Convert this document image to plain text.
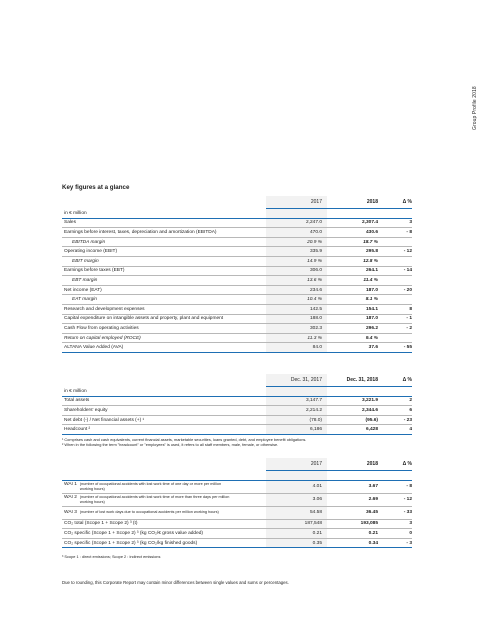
Group Profile 2018
Key figures at a glance
	2017	2018	Δ %
in € million			
Sales	2,247.0	2,307.4	3
Earnings before interest, taxes, depreciation and amortization (EBITDA)	470.0	430.6	- 8
EBITDA margin	20.9 %	18.7 %	
Operating income (EBIT)	335.9	295.8	- 12
EBIT margin	14.9 %	12.8 %	
Earnings before taxes (EBT)	306.0	264.1	- 14
EBT margin	13.6 %	11.4 %	
Net income (EAT)	234.6	187.0	- 20
EAT margin	10.4 %	8.1 %	
Research and development expenses	142.5	154.1	8
Capital expenditure on intangible assets and property, plant and equipment	188.0	187.0	- 1
Cash Flow from operating activities	302.3	296.2	- 2
Return on capital employed (ROCE)	11.3 %	9.4 %	
ALTANA Value Added (AVA)	84.0	37.6	- 55
	Dec. 31, 2017	Dec. 31, 2018	Δ %
in € million			
Total assets	3,147.7	3,221.9	2
Shareholders' equity	2,214.2	2,344.6	6
Net debt (-) / Net financial assets (+) ¹	(78.0)	(95.6)	- 23
Headcount ²	6,186	6,428	4
¹ Comprises cash and cash equivalents, current financial assets, marketable securities, loans granted, debt, and employee benefit obligations.
² When in the following the term "headcount" or "employees" is used, it refers to all staff members, male, female, or otherwise.
	2017	2018	Δ %

WAI 1 (number of occupational accidents with lost work time of one day or more per million working hours)	4.01	3.67	- 8
WAI 2 (number of occupational accidents with lost work time of more than three days per million working hours)	3.06	2.69	- 12
WAI 3 (number of lost work days due to occupational accidents per million working hours)	54.58	36.45	- 33
CO₂ total (Scope 1 + Scope 2) ³ (t)	187,548	193,085	3
CO₂ specific (Scope 1 + Scope 2) ³ (kg CO₂/€ gross value added)	0.21	0.21	0
CO₂ specific (Scope 1 + Scope 2) ³ (kg CO₂/kg finished goods)	0.35	0.34	- 3
³ Scope 1 : direct emissions; Scope 2 : indirect emissions
Due to rounding, this Corporate Report may contain minor differences between single values and sums or percentages.
